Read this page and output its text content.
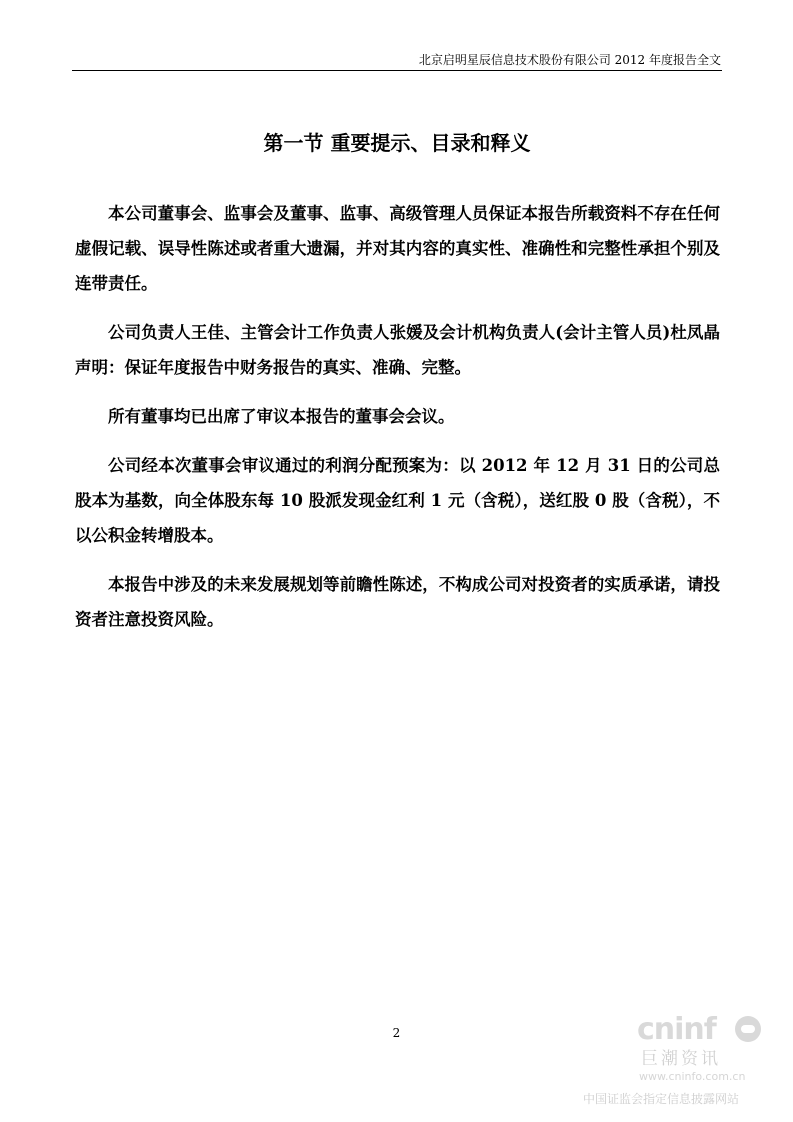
北京启明星辰信息技术股份有限公司 2012 年度报告全文
第一节 重要提示、目录和释义

本公司董事会、监事会及董事、监事、高级管理人员保证本报告所载资料不存在任何虚假记载、误导性陈述或者重大遗漏，并对其内容的真实性、准确性和完整性承担个别及连带责任。

公司负责人王佳、主管会计工作负责人张媛及会计机构负责人(会计主管人员)杜凤晶声明：保证年度报告中财务报告的真实、准确、完整。

所有董事均已出席了审议本报告的董事会会议。

公司经本次董事会审议通过的利润分配预案为：以 2012 年 12 月 31 日的公司总股本为基数，向全体股东每 10 股派发现金红利 1 元（含税），送红股 0 股（含税），不以公积金转增股本。

本报告中涉及的未来发展规划等前瞻性陈述，不构成公司对投资者的实质承诺，请投资者注意投资风险。

2	cninf
巨潮资讯
www.cninfo.com.cn
中国证监会指定信息披露网站
